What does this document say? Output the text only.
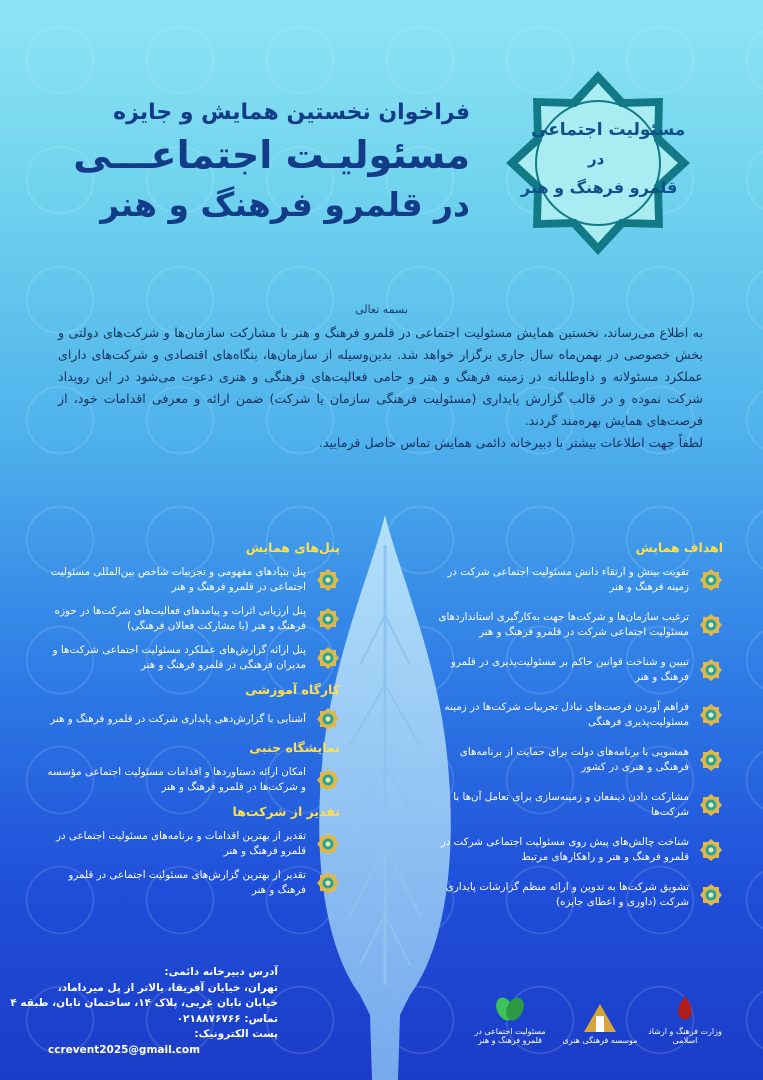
فراخوان نخستین همایش و جایزه
مسئولیـت اجتماعـــی
در قلمرو فرهنگ و هنر
مسئولیت اجتماعی
در
قلمرو فرهنگ و هنر
بسمه تعالی

به اطلاع می‌رساند، نخستین همایش مسئولیت اجتماعی در قلمرو فرهنگ و هنر با مشارکت سازمان‌ها و شرکت‌های دولتی و بخش خصوصی در بهمن‌ماه سال جاری برگزار خواهد شد. بدین‌وسیله از سازمان‌ها، بنگاه‌های اقتصادی و شرکت‌های دارای عملکرد مسئولانه و داوطلبانه در زمینه فرهنگ و هنر و حامی فعالیت‌های فرهنگی و هنری دعوت می‌شود در این رویداد شرکت نموده و در قالب گزارش پایداری (مسئولیت فرهنگی سازمان یا شرکت) ضمن ارائه و معرفی اقدامات خود، از فرصت‌های همایش بهره‌مند گردند.

لطفاً جهت اطلاعات بیشتر با دبیرخانه دائمی همایش تماس حاصل فرمایید.

اهداف همایش
تقویت بینش و ارتقاء دانش مسئولیت اجتماعی شرکت در زمینه فرهنگ و هنر
ترغیب سازمان‌ها و شرکت‌ها جهت به‌کارگیری استانداردهای مسئولیت اجتماعی شرکت در قلمرو فرهنگ و هنر
تبیین و شناخت قوانین حاکم بر مسئولیت‌پذیری در قلمرو فرهنگ و هنر
فراهم آوردن فرصت‌های تبادل تجربیات شرکت‌ها در زمینه مسئولیت‌پذیری فرهنگی
همسویی با برنامه‌های دولت برای حمایت از برنامه‌های فرهنگی و هنری در کشور
مشارکت دادن ذینفعان و زمینه‌سازی برای تعامل آن‌ها با شرکت‌ها
شناخت چالش‌های پیش روی مسئولیت اجتماعی شرکت در قلمرو فرهنگ و هنر و راهکارهای مرتبط
تشویق شرکت‌ها به تدوین و ارائه منظم گزارشات پایداری شرکت (داوری و اعطای جایزه)
پنل‌های همایش
پنل بنیادهای مفهومی و تجربیات شاخص بین‌المللی مسئولیت اجتماعی در قلمرو فرهنگ و هنر
پنل ارزیابی اثرات و پیامدهای فعالیت‌های شرکت‌ها در حوزه فرهنگ و هنر (با مشارکت فعالان فرهنگی)
پنل ارائه گزارش‌های عملکرد مسئولیت اجتماعی شرکت‌ها و مدیران فرهنگی در قلمرو فرهنگ و هنر
کارگاه آموزشی
آشنایی با گزارش‌دهی پایداری شرکت در قلمرو فرهنگ و هنر
نمایشگاه جنبی
امکان ارائه دستاوردها و اقدامات مسئولیت اجتماعی مؤسسه و شرکت‌ها در قلمرو فرهنگ و هنر
تقدیر از شرکت‌ها
تقدیر از بهترین اقدامات و برنامه‌های مسئولیت اجتماعی در قلمرو فرهنگ و هنر
تقدیر از بهترین گزارش‌های مسئولیت اجتماعی در قلمرو فرهنگ و هنر
آدرس دبیرخانه دائمی:
تهران، خیابان آفریقا، بالاتر از پل میرداماد،
خیابان تابان غربی، پلاک ۱۴، ساختمان تابان، طبقه ۴
تماس: ۰۲۱۸۸۷۶۷۶۶
پست الکترونیک:
ccrevent2025@gmail.com
وزارت فرهنگ و ارشاد اسلامی
موسسه فرهنگی هنری
مسئولیت اجتماعی در قلمرو فرهنگ و هنر
